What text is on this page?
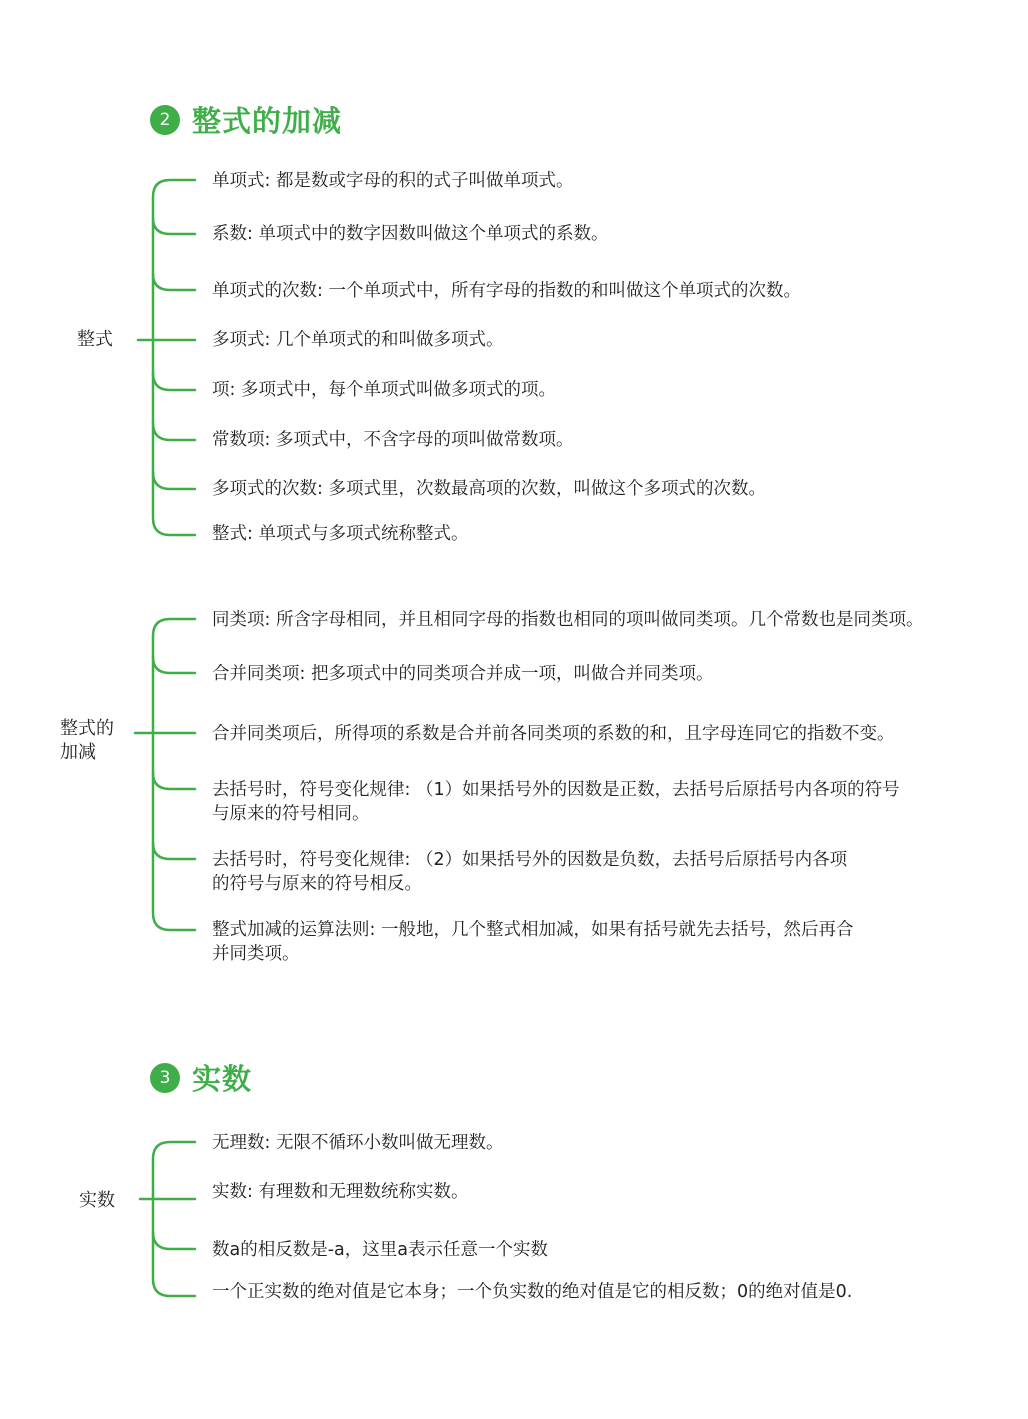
2 整式的加减
整式
单项式: 都是数或字母的积的式子叫做单项式。
系数: 单项式中的数字因数叫做这个单项式的系数。
单项式的次数: 一个单项式中，所有字母的指数的和叫做这个单项式的次数。
多项式: 几个单项式的和叫做多项式。
项: 多项式中，每个单项式叫做多项式的项。
常数项: 多项式中，不含字母的项叫做常数项。
多项式的次数: 多项式里，次数最高项的次数，叫做这个多项式的次数。
整式: 单项式与多项式统称整式。
整式的
加减
同类项: 所含字母相同，并且相同字母的指数也相同的项叫做同类项。几个常数也是同类项。
合并同类项: 把多项式中的同类项合并成一项，叫做合并同类项。
合并同类项后，所得项的系数是合并前各同类项的系数的和，且字母连同它的指数不变。
去括号时，符号变化规律: （1）如果括号外的因数是正数，去括号后原括号内各项的符号
与原来的符号相同。
去括号时，符号变化规律: （2）如果括号外的因数是负数，去括号后原括号内各项
的符号与原来的符号相反。
整式加减的运算法则: 一般地，几个整式相加减，如果有括号就先去括号，然后再合
并同类项。
3 实数
实数
无理数: 无限不循环小数叫做无理数。
实数: 有理数和无理数统称实数。
数a的相反数是-a，这里a表示任意一个实数
一个正实数的绝对值是它本身；一个负实数的绝对值是它的相反数；0的绝对值是0.
